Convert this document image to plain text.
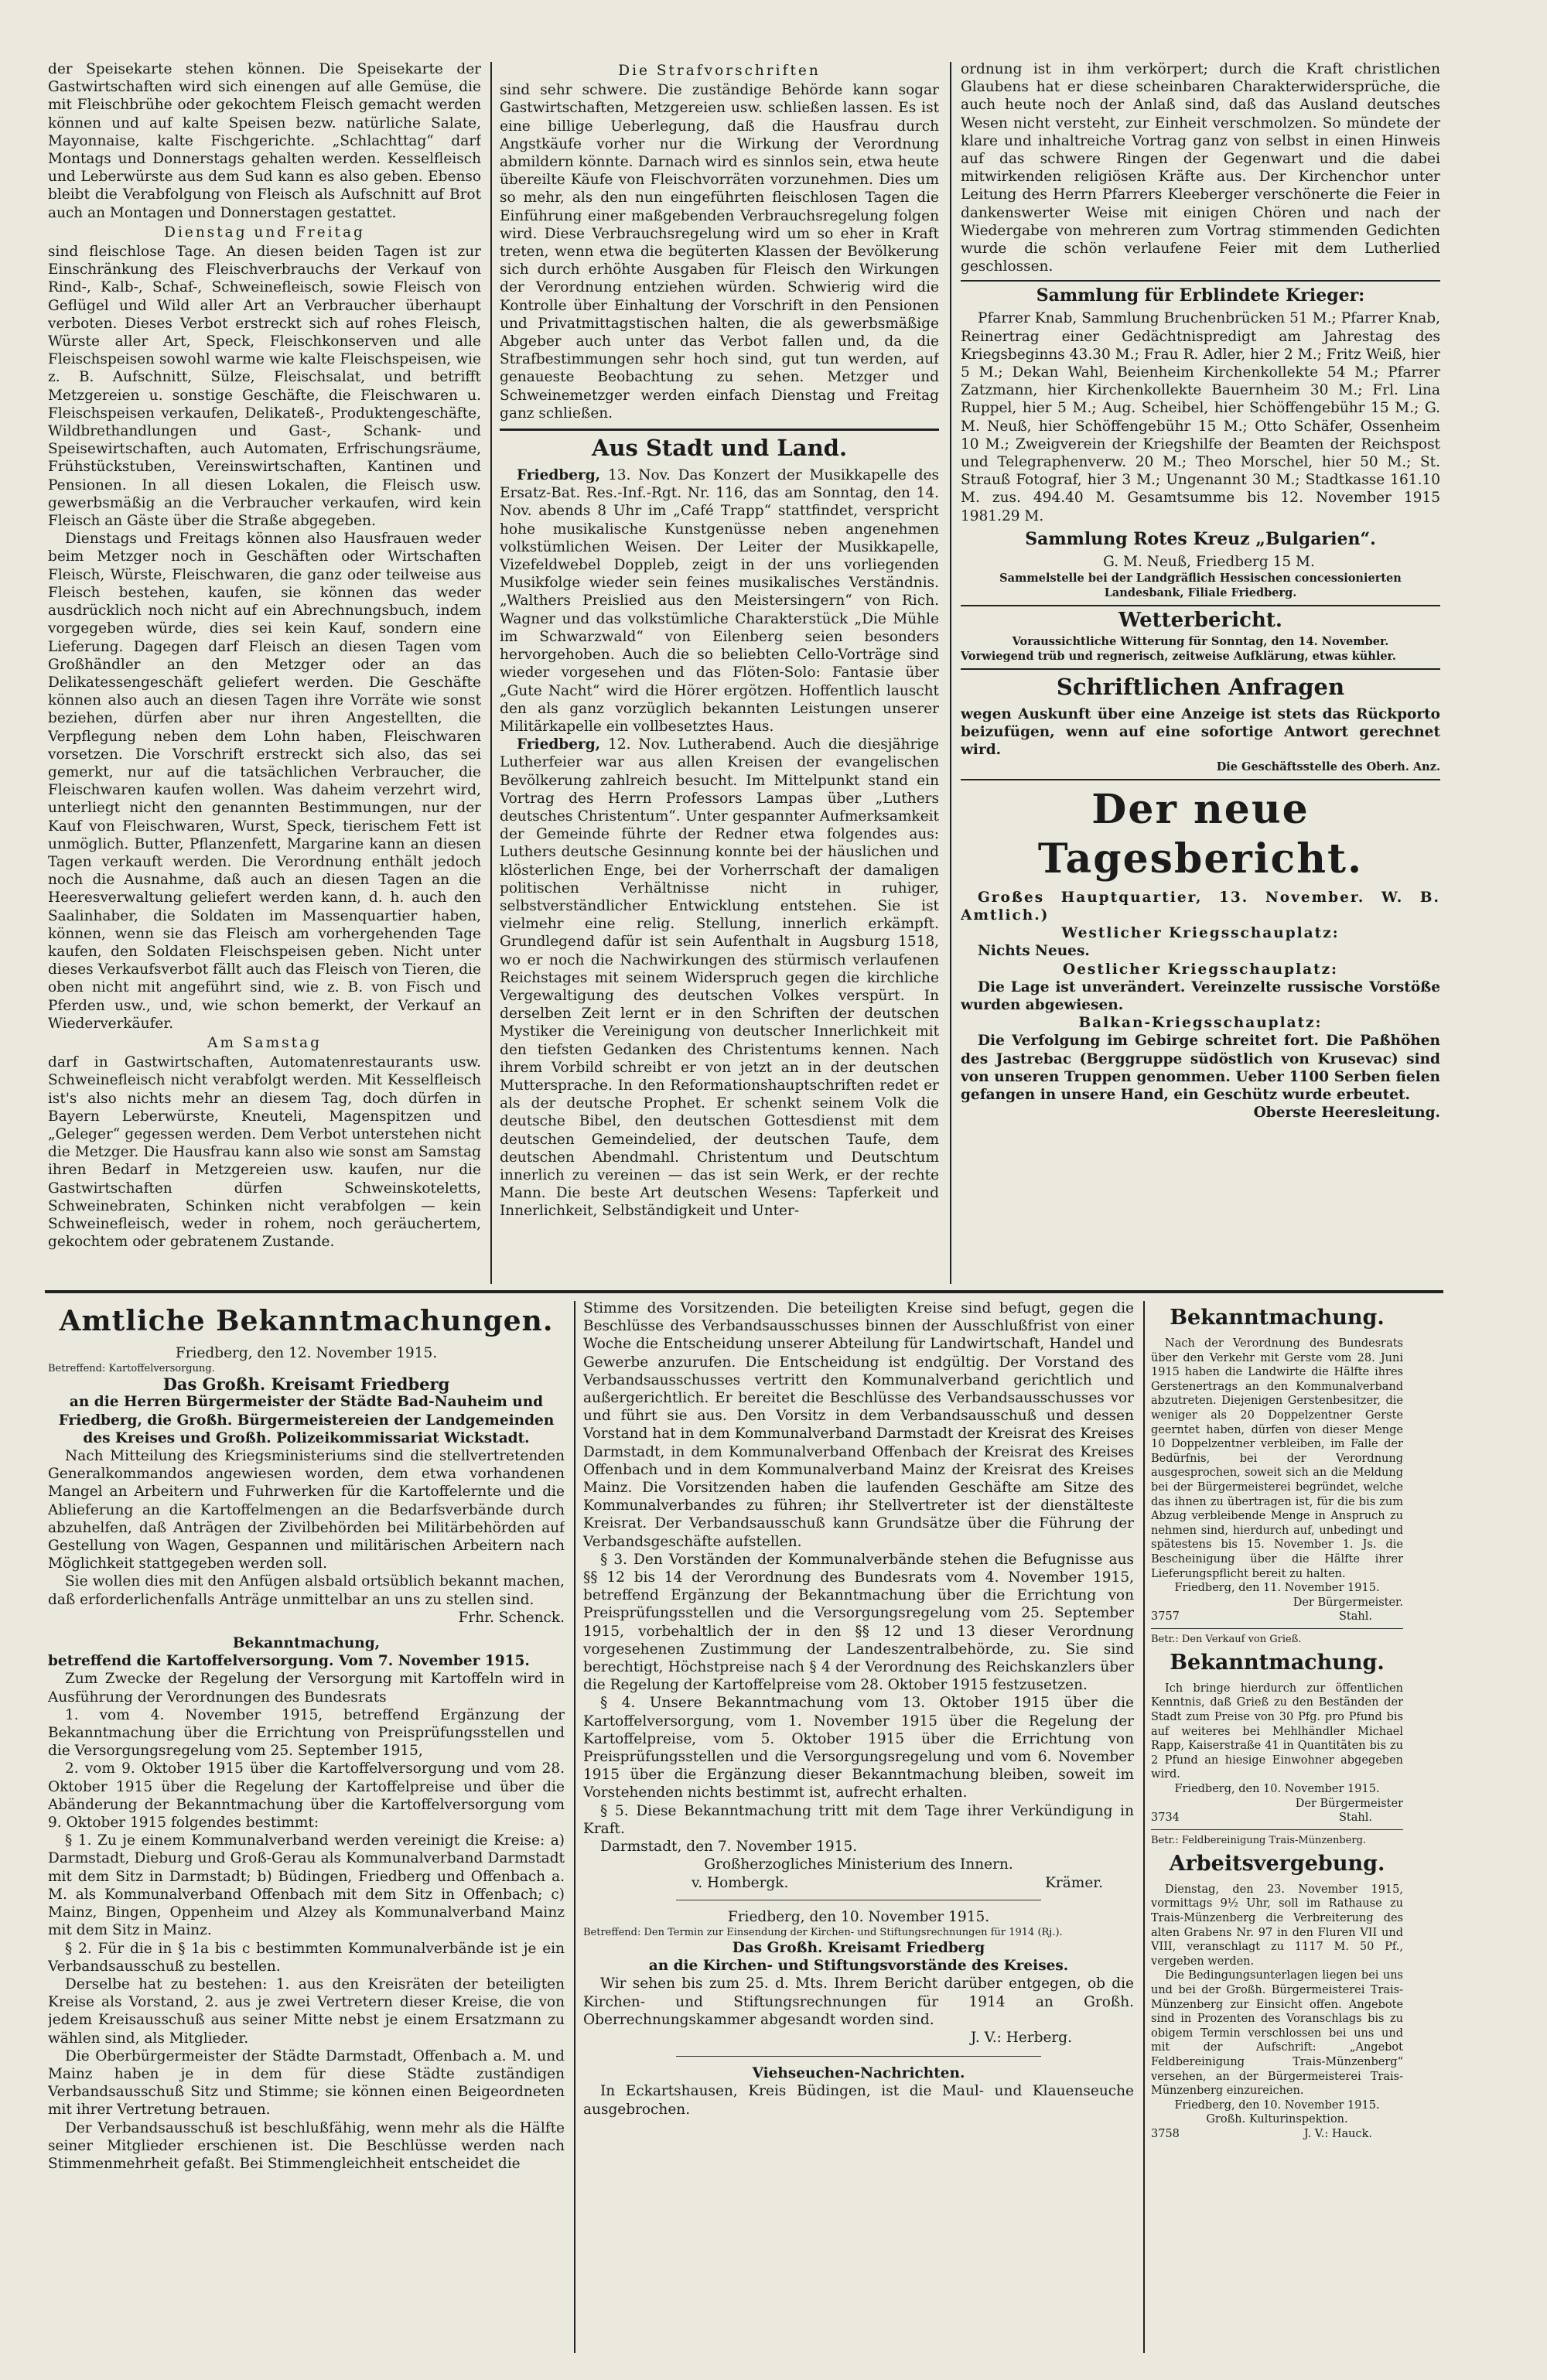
der Speisekarte stehen können. Die Speisekarte der Gastwirtschaften wird sich einengen auf alle Gemüse, die mit Fleischbrühe oder gekochtem Fleisch gemacht werden können und auf kalte Speisen bezw. natürliche Salate, Mayonnaise, kalte Fischgerichte. „Schlachttag“ darf Montags und Donnerstags gehalten werden. Kesselfleisch und Leberwürste aus dem Sud kann es also geben. Ebenso bleibt die Verabfolgung von Fleisch als Aufschnitt auf Brot auch an Montagen und Donnerstagen gestattet.

Dienstag und Freitag

sind fleischlose Tage. An diesen beiden Tagen ist zur Einschränkung des Fleischverbrauchs der Verkauf von Rind-, Kalb-, Schaf-, Schweinefleisch, sowie Fleisch von Geflügel und Wild aller Art an Verbraucher überhaupt verboten. Dieses Verbot erstreckt sich auf rohes Fleisch, Würste aller Art, Speck, Fleischkonserven und alle Fleischspeisen sowohl warme wie kalte Fleischspeisen, wie z. B. Aufschnitt, Sülze, Fleischsalat, und betrifft Metzgereien u. sonstige Geschäfte, die Fleischwaren u. Fleischspeisen verkaufen, Delikateß-, Produktengeschäfte, Wildbrethandlungen und Gast-, Schank- und Speisewirtschaften, auch Automaten, Erfrischungsräume, Frühstückstuben, Vereinswirtschaften, Kantinen und Pensionen. In all diesen Lokalen, die Fleisch usw. gewerbsmäßig an die Verbraucher verkaufen, wird kein Fleisch an Gäste über die Straße abgegeben.

Dienstags und Freitags können also Hausfrauen weder beim Metzger noch in Geschäften oder Wirtschaften Fleisch, Würste, Fleischwaren, die ganz oder teilweise aus Fleisch bestehen, kaufen, sie können das weder ausdrücklich noch nicht auf ein Abrechnungsbuch, indem vorgegeben würde, dies sei kein Kauf, sondern eine Lieferung. Dagegen darf Fleisch an diesen Tagen vom Großhändler an den Metzger oder an das Delikatessengeschäft geliefert werden. Die Geschäfte können also auch an diesen Tagen ihre Vorräte wie sonst beziehen, dürfen aber nur ihren Angestellten, die Verpflegung neben dem Lohn haben, Fleischwaren vorsetzen. Die Vorschrift erstreckt sich also, das sei gemerkt, nur auf die tatsächlichen Verbraucher, die Fleischwaren kaufen wollen. Was daheim verzehrt wird, unterliegt nicht den genannten Bestimmungen, nur der Kauf von Fleischwaren, Wurst, Speck, tierischem Fett ist unmöglich. Butter, Pflanzenfett, Margarine kann an diesen Tagen verkauft werden. Die Verordnung enthält jedoch noch die Ausnahme, daß auch an diesen Tagen an die Heeresverwaltung geliefert werden kann, d. h. auch den Saalinhaber, die Soldaten im Massenquartier haben, können, wenn sie das Fleisch am vorhergehenden Tage kaufen, den Soldaten Fleischspeisen geben. Nicht unter dieses Verkaufsverbot fällt auch das Fleisch von Tieren, die oben nicht mit angeführt sind, wie z. B. von Fisch und Pferden usw., und, wie schon bemerkt, der Verkauf an Wiederverkäufer.

Am Samstag

darf in Gastwirtschaften, Automatenrestaurants usw. Schweinefleisch nicht verabfolgt werden. Mit Kesselfleisch ist's also nichts mehr an diesem Tag, doch dürfen in Bayern Leberwürste, Kneuteli, Magenspitzen und „Geleger“ gegessen werden. Dem Verbot unterstehen nicht die Metzger. Die Hausfrau kann also wie sonst am Samstag ihren Bedarf in Metzgereien usw. kaufen, nur die Gastwirtschaften dürfen Schweinskoteletts, Schweinebraten, Schinken nicht verabfolgen — kein Schweinefleisch, weder in rohem, noch geräuchertem, gekochtem oder gebratenem Zustande.

Die Strafvorschriften

sind sehr schwere. Die zuständige Behörde kann sogar Gastwirtschaften, Metzgereien usw. schließen lassen. Es ist eine billige Ueberlegung, daß die Hausfrau durch Angstkäufe vorher nur die Wirkung der Verordnung abmildern könnte. Darnach wird es sinnlos sein, etwa heute übereilte Käufe von Fleischvorräten vorzunehmen. Dies um so mehr, als den nun eingeführten fleischlosen Tagen die Einführung einer maßgebenden Verbrauchsregelung folgen wird. Diese Verbrauchsregelung wird um so eher in Kraft treten, wenn etwa die begüterten Klassen der Bevölkerung sich durch erhöhte Ausgaben für Fleisch den Wirkungen der Verordnung entziehen würden. Schwierig wird die Kontrolle über Einhaltung der Vorschrift in den Pensionen und Privatmittagstischen halten, die als gewerbsmäßige Abgeber auch unter das Verbot fallen und, da die Strafbestimmungen sehr hoch sind, gut tun werden, auf genaueste Beobachtung zu sehen. Metzger und Schweinemetzger werden einfach Dienstag und Freitag ganz schließen.

Aus Stadt und Land.

Friedberg, 13. Nov. Das Konzert der Musikkapelle des Ersatz-Bat. Res.-Inf.-Rgt. Nr. 116, das am Sonntag, den 14. Nov. abends 8 Uhr im „Café Trapp“ stattfindet, verspricht hohe musikalische Kunstgenüsse neben angenehmen volkstümlichen Weisen. Der Leiter der Musikkapelle, Vizefeldwebel Doppleb, zeigt in der uns vorliegenden Musikfolge wieder sein feines musikalisches Verständnis. „Walthers Preislied aus den Meistersingern“ von Rich. Wagner und das volkstümliche Charakterstück „Die Mühle im Schwarzwald“ von Eilenberg seien besonders hervorgehoben. Auch die so beliebten Cello-Vorträge sind wieder vorgesehen und das Flöten-Solo: Fantasie über „Gute Nacht“ wird die Hörer ergötzen. Hoffentlich lauscht den als ganz vorzüglich bekannten Leistungen unserer Militärkapelle ein vollbesetztes Haus.

Friedberg, 12. Nov. Lutherabend. Auch die diesjährige Lutherfeier war aus allen Kreisen der evangelischen Bevölkerung zahlreich besucht. Im Mittelpunkt stand ein Vortrag des Herrn Professors Lampas über „Luthers deutsches Christentum“. Unter gespannter Aufmerksamkeit der Gemeinde führte der Redner etwa folgendes aus: Luthers deutsche Gesinnung konnte bei der häuslichen und klösterlichen Enge, bei der Vorherrschaft der damaligen politischen Verhältnisse nicht in ruhiger, selbstverständlicher Entwicklung entstehen. Sie ist vielmehr eine relig. Stellung, innerlich erkämpft. Grundlegend dafür ist sein Aufenthalt in Augsburg 1518, wo er noch die Nachwirkungen des stürmisch verlaufenen Reichstages mit seinem Widerspruch gegen die kirchliche Vergewaltigung des deutschen Volkes verspürt. In derselben Zeit lernt er in den Schriften der deutschen Mystiker die Vereinigung von deutscher Innerlichkeit mit den tiefsten Gedanken des Christentums kennen. Nach ihrem Vorbild schreibt er von jetzt an in der deutschen Muttersprache. In den Reformationshauptschriften redet er als der deutsche Prophet. Er schenkt seinem Volk die deutsche Bibel, den deutschen Gottesdienst mit dem deutschen Gemeindelied, der deutschen Taufe, dem deutschen Abendmahl. Christentum und Deutschtum innerlich zu vereinen — das ist sein Werk, er der rechte Mann. Die beste Art deutschen Wesens: Tapferkeit und Innerlichkeit, Selbständigkeit und Unter-

ordnung ist in ihm verkörpert; durch die Kraft christlichen Glaubens hat er diese scheinbaren Charakterwidersprüche, die auch heute noch der Anlaß sind, daß das Ausland deutsches Wesen nicht versteht, zur Einheit verschmolzen. So mündete der klare und inhaltreiche Vortrag ganz von selbst in einen Hinweis auf das schwere Ringen der Gegenwart und die dabei mitwirkenden religiösen Kräfte aus. Der Kirchenchor unter Leitung des Herrn Pfarrers Kleeberger verschönerte die Feier in dankenswerter Weise mit einigen Chören und nach der Wiedergabe von mehreren zum Vortrag stimmenden Gedichten wurde die schön verlaufene Feier mit dem Lutherlied geschlossen.

Sammlung für Erblindete Krieger:

Pfarrer Knab, Sammlung Bruchenbrücken 51 M.; Pfarrer Knab, Reinertrag einer Gedächtnispredigt am Jahrestag des Kriegsbeginns 43.30 M.; Frau R. Adler, hier 2 M.; Fritz Weiß, hier 5 M.; Dekan Wahl, Beienheim Kirchenkollekte 54 M.; Pfarrer Zatzmann, hier Kirchenkollekte Bauernheim 30 M.; Frl. Lina Ruppel, hier 5 M.; Aug. Scheibel, hier Schöffengebühr 15 M.; G. M. Neuß, hier Schöffengebühr 15 M.; Otto Schäfer, Ossenheim 10 M.; Zweigverein der Kriegshilfe der Beamten der Reichspost und Telegraphenverw. 20 M.; Theo Morschel, hier 50 M.; St. Strauß Fotograf, hier 3 M.; Ungenannt 30 M.; Stadtkasse 161.10 M. zus. 494.40 M. Gesamtsumme bis 12. November 1915 1981.29 M.

Sammlung Rotes Kreuz „Bulgarien“.

G. M. Neuß, Friedberg 15 M.

Sammelstelle bei der Landgräflich Hessischen concessionierten Landesbank, Filiale Friedberg.

Wetterbericht.

Voraussichtliche Witterung für Sonntag, den 14. November.

Vorwiegend trüb und regnerisch, zeitweise Aufklärung, etwas kühler.

Schriftlichen Anfragen

wegen Auskunft über eine Anzeige ist stets das Rückporto beizufügen, wenn auf eine sofortige Antwort gerechnet wird.

Die Geschäftsstelle des Oberh. Anz.

Der neue Tagesbericht.

Großes Hauptquartier, 13. November. W. B. Amtlich.)

Westlicher Kriegsschauplatz:

Nichts Neues.

Oestlicher Kriegsschauplatz:

Die Lage ist unverändert. Vereinzelte russische Vorstöße wurden abgewiesen.

Balkan-Kriegsschauplatz:

Die Verfolgung im Gebirge schreitet fort. Die Paßhöhen des Jastrebac (Berggruppe südöstlich von Krusevac) sind von unseren Truppen genommen. Ueber 1100 Serben fielen gefangen in unsere Hand, ein Geschütz wurde erbeutet.

Oberste Heeresleitung.

Amtliche Bekanntmachungen.

Friedberg, den 12. November 1915.

Betreffend: Kartoffelversorgung.

Das Großh. Kreisamt Friedberg

an die Herren Bürgermeister der Städte Bad-Nauheim und Friedberg, die Großh. Bürgermeistereien der Landgemeinden des Kreises und Großh. Polizeikommissariat Wickstadt.

Nach Mitteilung des Kriegsministeriums sind die stellvertretenden Generalkommandos angewiesen worden, dem etwa vorhandenen Mangel an Arbeitern und Fuhrwerken für die Kartoffelernte und die Ablieferung an die Kartoffelmengen an die Bedarfsverbände durch abzuhelfen, daß Anträgen der Zivilbehörden bei Militärbehörden auf Gestellung von Wagen, Gespannen und militärischen Arbeitern nach Möglichkeit stattgegeben werden soll.

Sie wollen dies mit den Anfügen alsbald ortsüblich bekannt machen, daß erforderlichenfalls Anträge unmittelbar an uns zu stellen sind.

Frhr. Schenck.

Bekanntmachung,

betreffend die Kartoffelversorgung. Vom 7. November 1915.

Zum Zwecke der Regelung der Versorgung mit Kartoffeln wird in Ausführung der Verordnungen des Bundesrats

1. vom 4. November 1915, betreffend Ergänzung der Bekanntmachung über die Errichtung von Preisprüfungsstellen und die Versorgungsregelung vom 25. September 1915,

2. vom 9. Oktober 1915 über die Kartoffelversorgung und vom 28. Oktober 1915 über die Regelung der Kartoffelpreise und über die Abänderung der Bekanntmachung über die Kartoffelversorgung vom 9. Oktober 1915 folgendes bestimmt:

§ 1. Zu je einem Kommunalverband werden vereinigt die Kreise: a) Darmstadt, Dieburg und Groß-Gerau als Kommunalverband Darmstadt mit dem Sitz in Darmstadt; b) Büdingen, Friedberg und Offenbach a. M. als Kommunalverband Offenbach mit dem Sitz in Offenbach; c) Mainz, Bingen, Oppenheim und Alzey als Kommunalverband Mainz mit dem Sitz in Mainz.

§ 2. Für die in § 1a bis c bestimmten Kommunalverbände ist je ein Verbandsausschuß zu bestellen.

Derselbe hat zu bestehen: 1. aus den Kreisräten der beteiligten Kreise als Vorstand, 2. aus je zwei Vertretern dieser Kreise, die von jedem Kreisausschuß aus seiner Mitte nebst je einem Ersatzmann zu wählen sind, als Mitglieder.

Die Oberbürgermeister der Städte Darmstadt, Offenbach a. M. und Mainz haben je in dem für diese Städte zuständigen Verbandsausschuß Sitz und Stimme; sie können einen Beigeordneten mit ihrer Vertretung betrauen.

Der Verbandsausschuß ist beschlußfähig, wenn mehr als die Hälfte seiner Mitglieder erschienen ist. Die Beschlüsse werden nach Stimmenmehrheit gefaßt. Bei Stimmengleichheit entscheidet die

Stimme des Vorsitzenden. Die beteiligten Kreise sind befugt, gegen die Beschlüsse des Verbandsausschusses binnen der Ausschlußfrist von einer Woche die Entscheidung unserer Abteilung für Landwirtschaft, Handel und Gewerbe anzurufen. Die Entscheidung ist endgültig. Der Vorstand des Verbandsausschusses vertritt den Kommunalverband gerichtlich und außergerichtlich. Er bereitet die Beschlüsse des Verbandsausschusses vor und führt sie aus. Den Vorsitz in dem Verbandsausschuß und dessen Vorstand hat in dem Kommunalverband Darmstadt der Kreisrat des Kreises Darmstadt, in dem Kommunalverband Offenbach der Kreisrat des Kreises Offenbach und in dem Kommunalverband Mainz der Kreisrat des Kreises Mainz. Die Vorsitzenden haben die laufenden Geschäfte am Sitze des Kommunalverbandes zu führen; ihr Stellvertreter ist der dienstälteste Kreisrat. Der Verbandsausschuß kann Grundsätze über die Führung der Verbandsgeschäfte aufstellen.

§ 3. Den Vorständen der Kommunalverbände stehen die Befugnisse aus §§ 12 bis 14 der Verordnung des Bundesrats vom 4. November 1915, betreffend Ergänzung der Bekanntmachung über die Errichtung von Preisprüfungsstellen und die Versorgungsregelung vom 25. September 1915, vorbehaltlich der in den §§ 12 und 13 dieser Verordnung vorgesehenen Zustimmung der Landeszentralbehörde, zu. Sie sind berechtigt, Höchstpreise nach § 4 der Verordnung des Reichskanzlers über die Regelung der Kartoffelpreise vom 28. Oktober 1915 festzusetzen.

§ 4. Unsere Bekanntmachung vom 13. Oktober 1915 über die Kartoffelversorgung, vom 1. November 1915 über die Regelung der Kartoffelpreise, vom 5. Oktober 1915 über die Errichtung von Preisprüfungsstellen und die Versorgungsregelung und vom 6. November 1915 über die Ergänzung dieser Bekanntmachung bleiben, soweit im Vorstehenden nichts bestimmt ist, aufrecht erhalten.

§ 5. Diese Bekanntmachung tritt mit dem Tage ihrer Verkündigung in Kraft.

Darmstadt, den 7. November 1915.

Großherzogliches Ministerium des Innern.

v. Hombergk.	Krämer.

Friedberg, den 10. November 1915.

Betreffend: Den Termin zur Einsendung der Kirchen- und Stiftungsrechnungen für 1914 (Rj.).

Das Großh. Kreisamt Friedberg

an die Kirchen- und Stiftungsvorstände des Kreises.

Wir sehen bis zum 25. d. Mts. Ihrem Bericht darüber entgegen, ob die Kirchen- und Stiftungsrechnungen für 1914 an Großh. Oberrechnungskammer abgesandt worden sind.

J. V.: Herberg.

Viehseuchen-Nachrichten.

In Eckartshausen, Kreis Büdingen, ist die Maul- und Klauenseuche ausgebrochen.

Bekanntmachung.

Nach der Verordnung des Bundesrats über den Verkehr mit Gerste vom 28. Juni 1915 haben die Landwirte die Hälfte ihres Gerstenertrags an den Kommunalverband abzutreten. Diejenigen Gerstenbesitzer, die weniger als 20 Doppelzentner Gerste geerntet haben, dürfen von dieser Menge 10 Doppelzentner verbleiben, im Falle der Bedürfnis, bei der Verordnung ausgesprochen, soweit sich an die Meldung bei der Bürgermeisterei begründet, welche das ihnen zu übertragen ist, für die bis zum Abzug verbleibende Menge in Anspruch zu nehmen sind, hierdurch auf, unbedingt und spätestens bis 15. November 1. Js. die Bescheinigung über die Hälfte ihrer Lieferungspflicht bereit zu halten.

Friedberg, den 11. November 1915.

Der Bürgermeister.

3757	Stahl.

Betr.: Den Verkauf von Grieß.

Bekanntmachung.

Ich bringe hierdurch zur öffentlichen Kenntnis, daß Grieß zu den Beständen der Stadt zum Preise von 30 Pfg. pro Pfund bis auf weiteres bei Mehlhändler Michael Rapp, Kaiserstraße 41 in Quantitäten bis zu 2 Pfund an hiesige Einwohner abgegeben wird.

Friedberg, den 10. November 1915.

Der Bürgermeister

3734	Stahl.

Betr.: Feldbereinigung Trais-Münzenberg.

Arbeitsvergebung.

Dienstag, den 23. November 1915, vormittags 9½ Uhr, soll im Rathause zu Trais-Münzenberg die Verbreiterung des alten Grabens Nr. 97 in den Fluren VII und VIII, veranschlagt zu 1117 M. 50 Pf., vergeben werden.

Die Bedingungsunterlagen liegen bei uns und bei der Großh. Bürgermeisterei Trais-Münzenberg zur Einsicht offen. Angebote sind in Prozenten des Voranschlags bis zu obigem Termin verschlossen bei uns und mit der Aufschrift: „Angebot Feldbereinigung Trais-Münzenberg“ versehen, an der Bürgermeisterei Trais-Münzenberg einzureichen.

Friedberg, den 10. November 1915.

Großh. Kulturinspektion.

3758	J. V.: Hauck.
